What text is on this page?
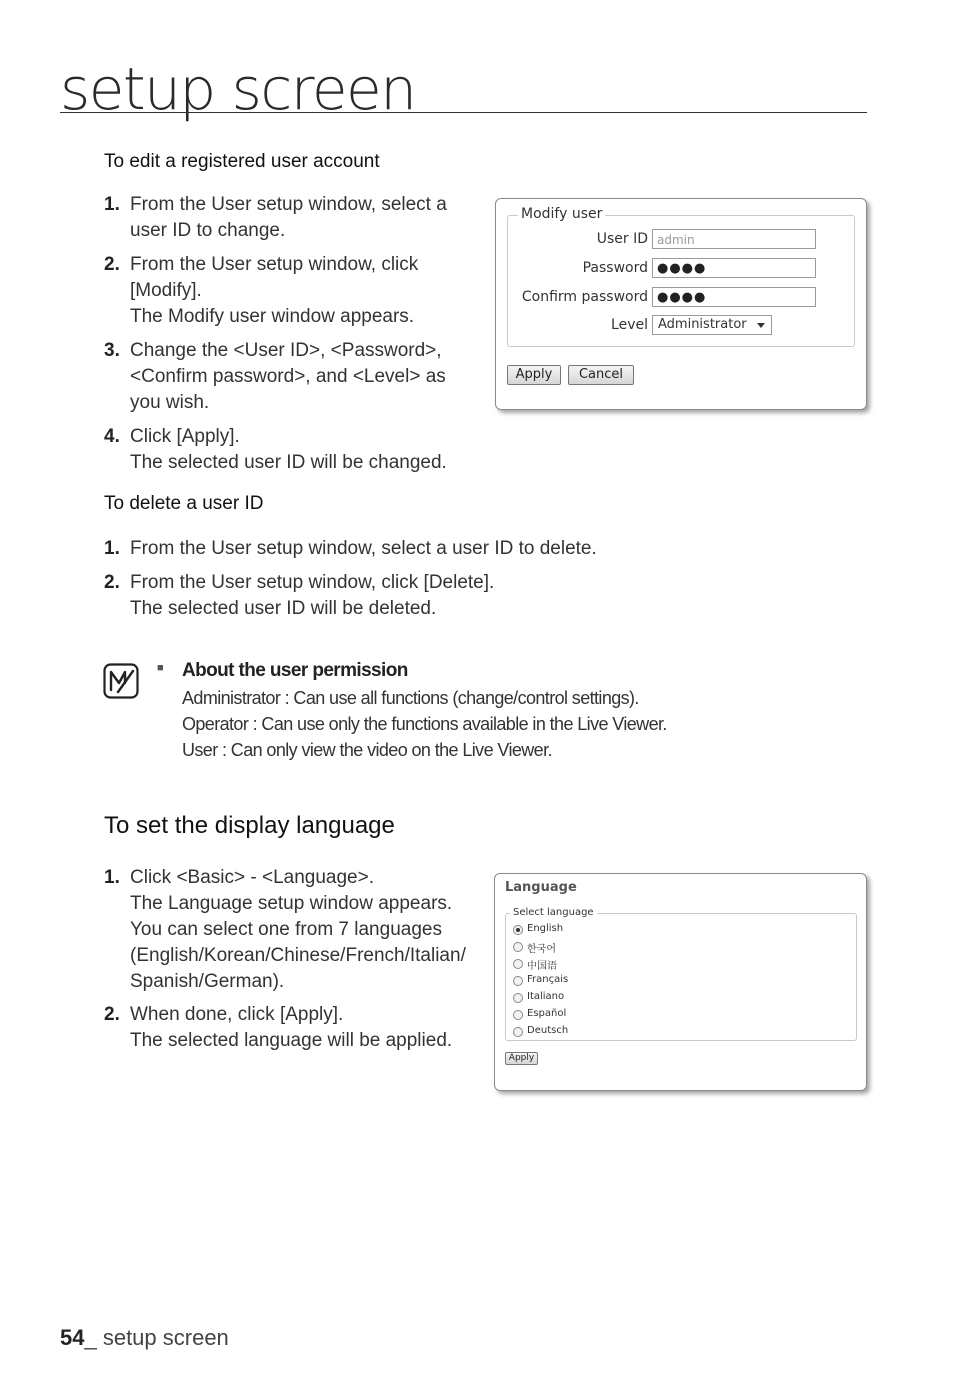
setup screen
To edit a registered user account
1. From the User setup window, select a
user ID to change.
2. From the User setup window, click
[Modify].
The Modify user window appears.
3. Change the <User ID>, <Password>,
<Confirm password>, and <Level> as
you wish.
4. Click [Apply].
The selected user ID will be changed.
Modify user
User ID admin
Password ●●●●
Confirm password ●●●●
Level Administrator
Apply	Cancel
To delete a user ID
1. From the User setup window, select a user ID to delete.
2. From the User setup window, click [Delete].
The selected user ID will be deleted.
■ About the user permission
Administrator : Can use all functions (change/control settings).
Operator : Can use only the functions available in the Live Viewer.
User : Can only view the video on the Live Viewer.
To set the display language
1. Click <Basic> - <Language>.
The Language setup window appears.
You can select one from 7 languages
(English/Korean/Chinese/French/Italian/
Spanish/German).
2. When done, click [Apply].
The selected language will be applied.
Language
Select language
English
한국어
中国语
Français
Italiano
Español
Deutsch
Apply
54_ setup screen
